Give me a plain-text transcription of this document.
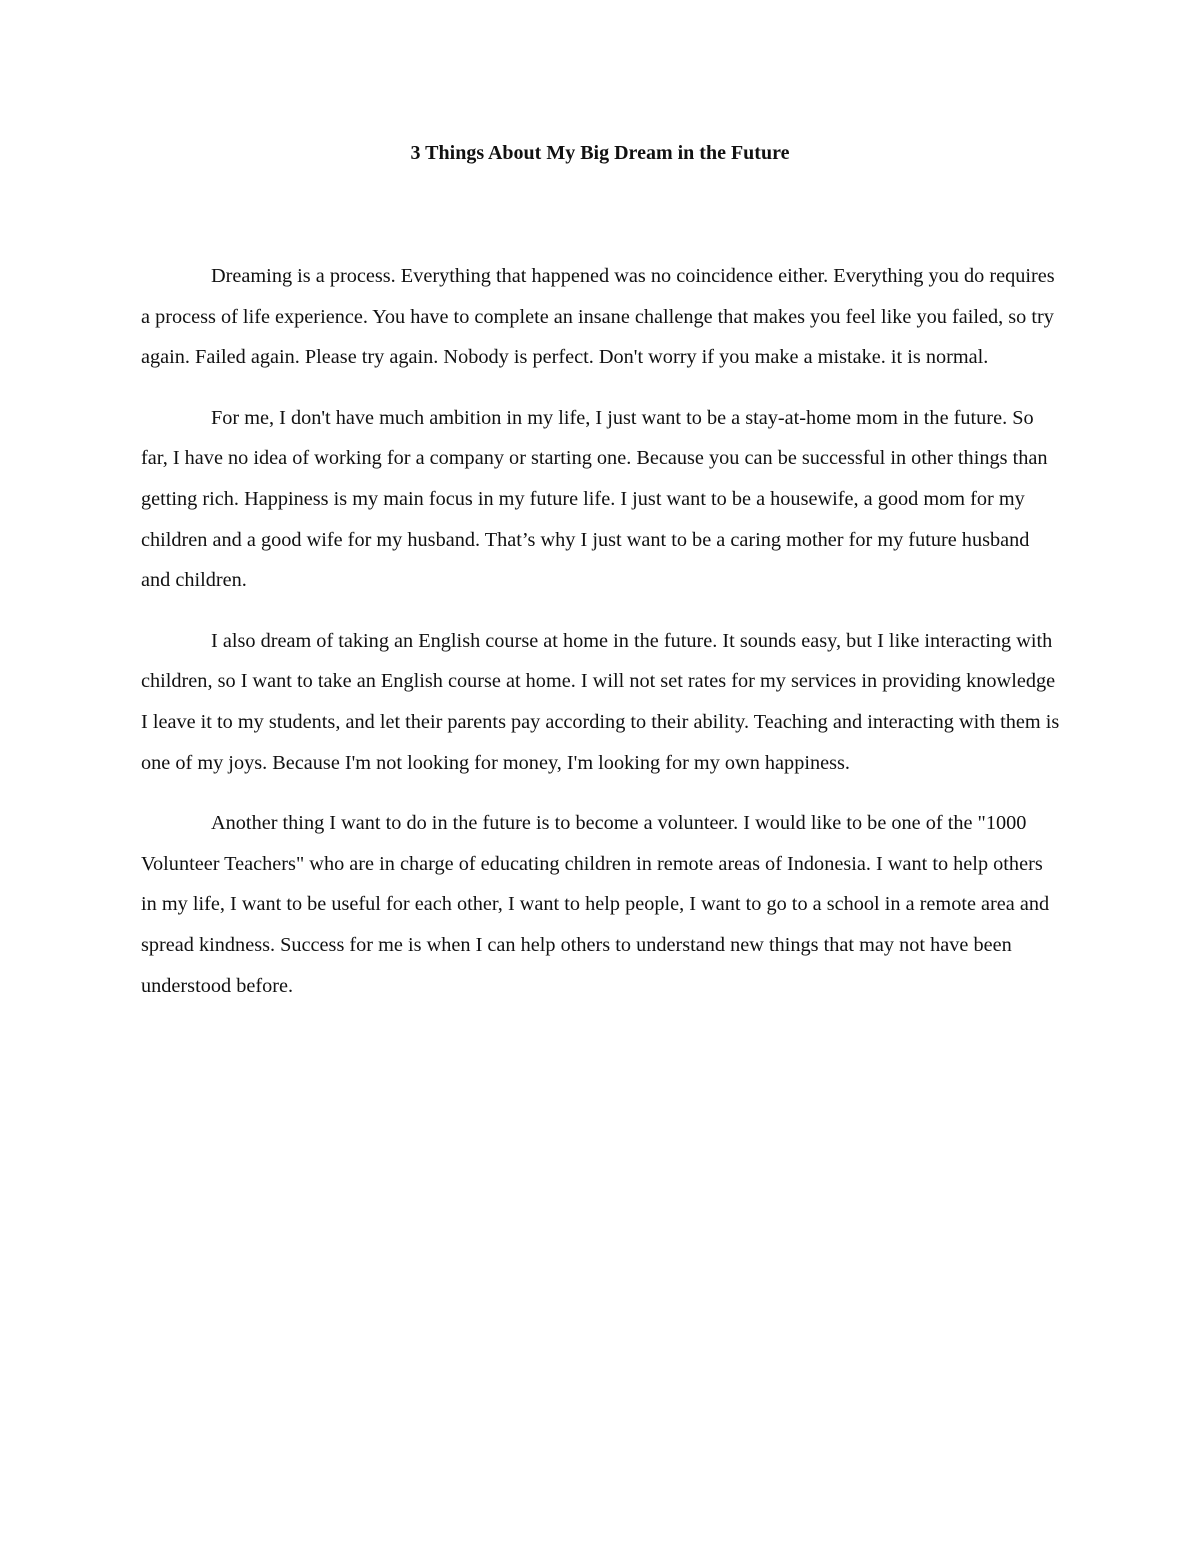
3 Things About My Big Dream in the Future

Dreaming is a process. Everything that happened was no coincidence either. Everything you do requires a process of life experience. You have to complete an insane challenge that makes you feel like you failed, so try again. Failed again. Please try again. Nobody is perfect. Don't worry if you make a mistake. it is normal.

For me, I don't have much ambition in my life, I just want to be a stay-at-home mom in the future. So far, I have no idea of working for a company or starting one. Because you can be successful in other things than getting rich. Happiness is my main focus in my future life. I just want to be a housewife, a good mom for my children and a good wife for my husband. That’s why I just want to be a caring mother for my future husband and children.

I also dream of taking an English course at home in the future. It sounds easy, but I like interacting with children, so I want to take an English course at home. I will not set rates for my services in providing knowledge I leave it to my students, and let their parents pay according to their ability. Teaching and interacting with them is one of my joys. Because I'm not looking for money, I'm looking for my own happiness.

Another thing I want to do in the future is to become a volunteer. I would like to be one of the "1000 Volunteer Teachers" who are in charge of educating children in remote areas of Indonesia. I want to help others in my life, I want to be useful for each other, I want to help people, I want to go to a school in a remote area and spread kindness. Success for me is when I can help others to understand new things that may not have been understood before.
